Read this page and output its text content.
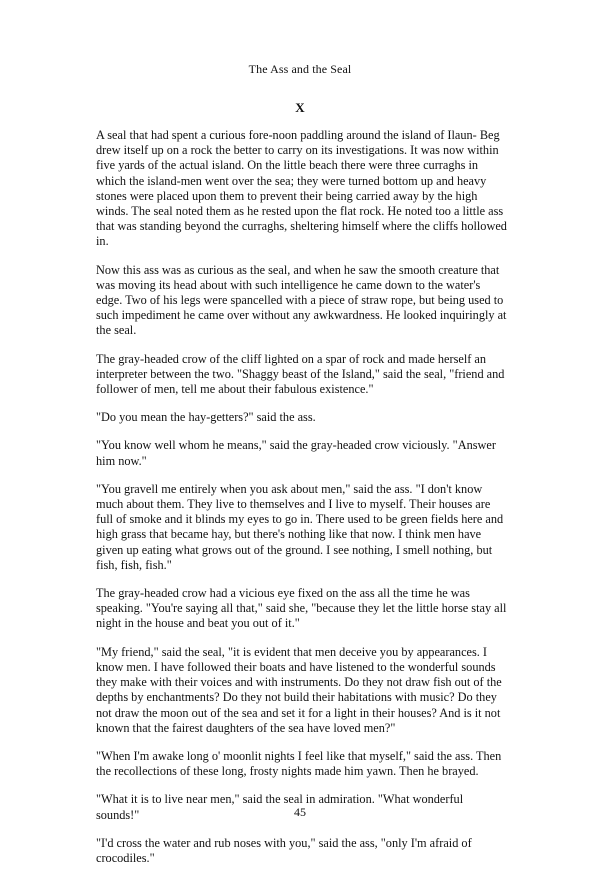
The Ass and the Seal
X

A seal that had spent a curious fore-noon paddling around the island of Ilaun- Beg drew itself up on a rock the better to carry on its investigations. It was now within five yards of the actual island. On the little beach there were three curraghs in which the island-men went over the sea; they were turned bottom up and heavy stones were placed upon them to prevent their being carried away by the high winds. The seal noted them as he rested upon the flat rock. He noted too a little ass that was standing beyond the curraghs, sheltering himself where the cliffs hollowed in.

Now this ass was as curious as the seal, and when he saw the smooth creature that was moving its head about with such intelligence he came down to the water's edge. Two of his legs were spancelled with a piece of straw rope, but being used to such impediment he came over without any awkwardness. He looked inquiringly at the seal.

The gray-headed crow of the cliff lighted on a spar of rock and made herself an interpreter between the two. "Shaggy beast of the Island," said the seal, "friend and follower of men, tell me about their fabulous existence."

"Do you mean the hay-getters?" said the ass.

"You know well whom he means," said the gray-headed crow viciously. "Answer him now."

"You gravell me entirely when you ask about men," said the ass. "I don't know much about them. They live to themselves and I live to myself. Their houses are full of smoke and it blinds my eyes to go in. There used to be green fields here and high grass that became hay, but there's nothing like that now. I think men have given up eating what grows out of the ground. I see nothing, I smell nothing, but fish, fish, fish."

The gray-headed crow had a vicious eye fixed on the ass all the time he was speaking. "You're saying all that," said she, "because they let the little horse stay all night in the house and beat you out of it."

"My friend," said the seal, "it is evident that men deceive you by appearances. I know men. I have followed their boats and have listened to the wonderful sounds they make with their voices and with instruments. Do they not draw fish out of the depths by enchantments? Do they not build their habitations with music? Do they not draw the moon out of the sea and set it for a light in their houses? And is it not known that the fairest daughters of the sea have loved men?"

"When I'm awake long o' moonlit nights I feel like that myself," said the ass. Then the recollections of these long, frosty nights made him yawn. Then he brayed.

"What it is to live near men," said the seal in admiration. "What wonderful sounds!"

"I'd cross the water and rub noses with you," said the ass, "only I'm afraid of crocodiles."

45
